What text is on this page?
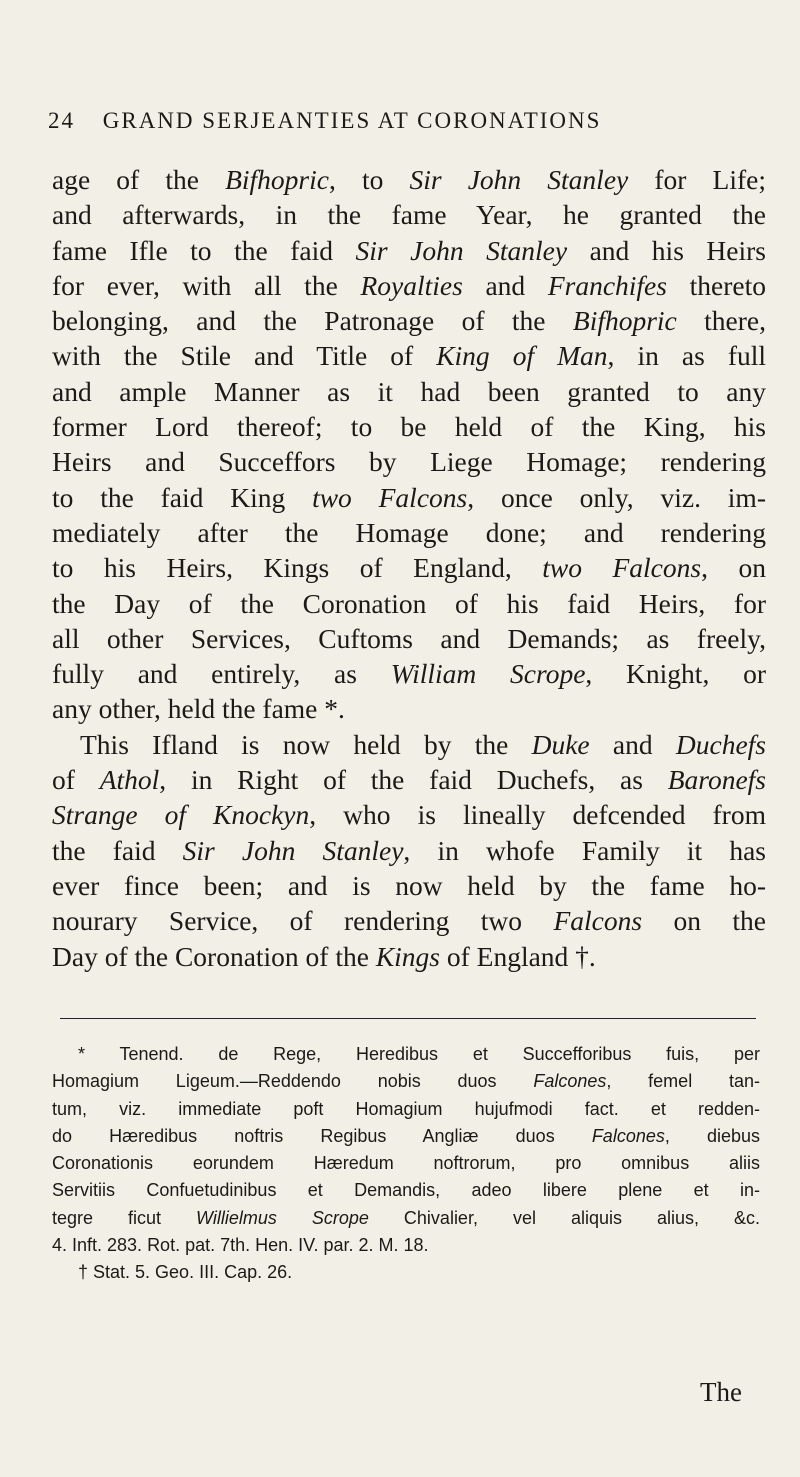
24 GRAND SERJEANTIES AT CORONATIONS
age of the Bifhopric, to Sir John Stanley for Life;
and afterwards, in the fame Year, he granted the
fame Ifle to the faid Sir John Stanley and his Heirs
for ever, with all the Royalties and Franchifes thereto
belonging, and the Patronage of the Bifhopric there,
with the Stile and Title of King of Man, in as full
and ample Manner as it had been granted to any
former Lord thereof; to be held of the King, his
Heirs and Succeffors by Liege Homage; rendering
to the faid King two Falcons, once only, viz. im-
mediately after the Homage done; and rendering
to his Heirs, Kings of England, two Falcons, on
the Day of the Coronation of his faid Heirs, for
all other Services, Cuftoms and Demands; as freely,
fully and entirely, as William Scrope, Knight, or
any other, held the fame *.
This Ifland is now held by the Duke and Duchefs
of Athol, in Right of the faid Duchefs, as Baronefs
Strange of Knockyn, who is lineally defcended from
the faid Sir John Stanley, in whofe Family it has
ever fince been; and is now held by the fame ho-
nourary Service, of rendering two Falcons on the
Day of the Coronation of the Kings of England †.
* Tenend. de Rege, Heredibus et Succefforibus fuis, per
Homagium Ligeum.—Reddendo nobis duos Falcones, femel tan-
tum, viz. immediate poft Homagium hujufmodi fact. et redden-
do Hæredibus noftris Regibus Angliæ duos Falcones, diebus
Coronationis eorundem Hæredum noftrorum, pro omnibus aliis
Servitiis Confuetudinibus et Demandis, adeo libere plene et in-
tegre ficut Willielmus Scrope Chivalier, vel aliquis alius, &c.
4. Inft. 283. Rot. pat. 7th. Hen. IV. par. 2. M. 18.
† Stat. 5. Geo. III. Cap. 26.
The
